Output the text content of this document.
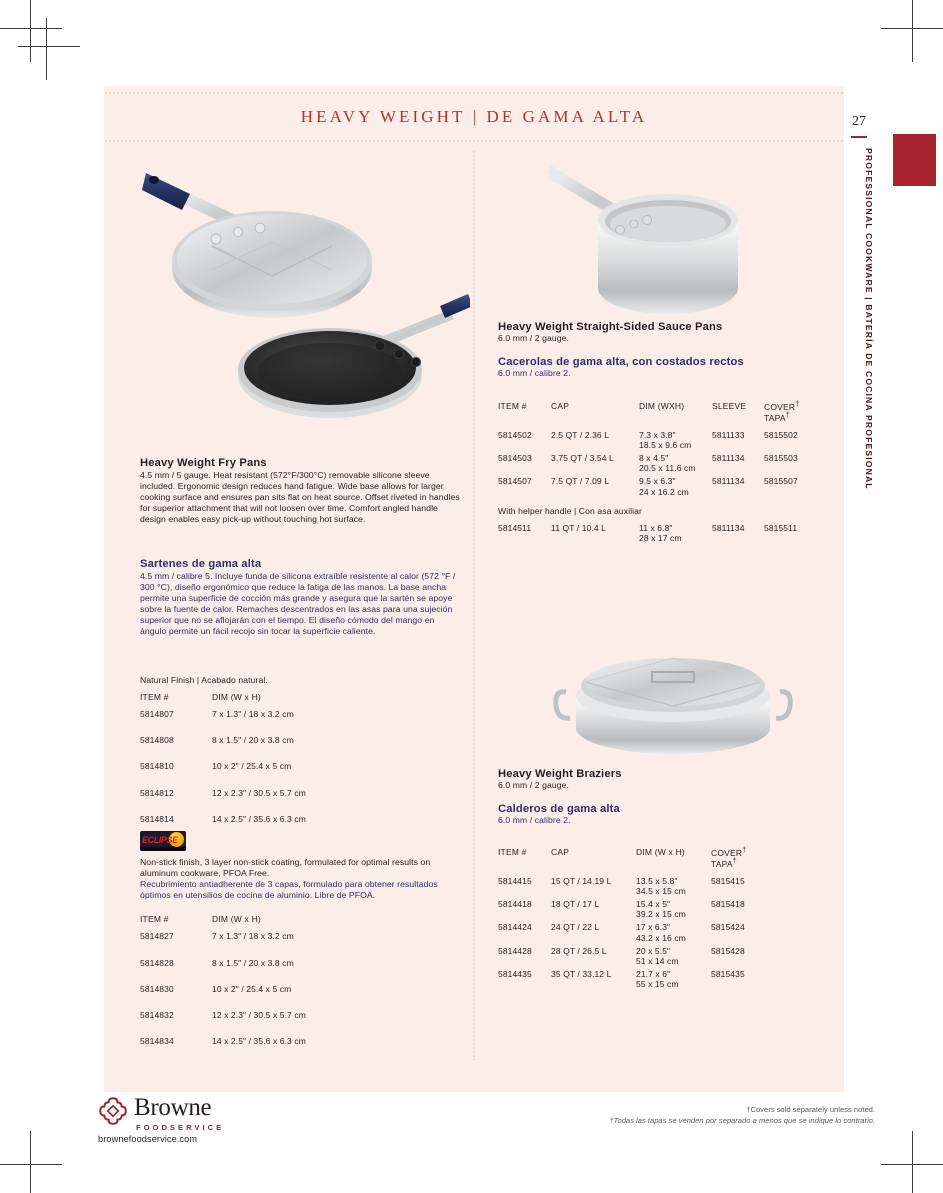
HEAVY WEIGHT | DE GAMA ALTA	27
PROFESSIONAL COOKWARE | BATERÍA DE COCINA PROFESIONAL
Heavy Weight Fry Pans
4.5 mm / 5 gauge. Heat resistant (572°F/300°C) removable silicone sleeve included. Ergonomic design reduces hand fatigue. Wide base allows for larger cooking surface and ensures pan sits flat on heat source. Offset riveted in handles for superior attachment that will not loosen over time. Comfort angled handle design enables easy pick-up without touching hot surface.
Sartenes de gama alta
4.5 mm / calibre 5. Incluye funda de silicona extraíble resistente al calor (572 °F / 300 °C), diseño ergonómico que reduce la fatiga de las manos. La base ancha permite una superficie de cocción más grande y asegura que la sartén se apoye sobre la fuente de calor. Remaches descentrados en las asas para una sujeción superior que no se aflojarán con el tiempo. El diseño cómodo del mango en ángulo permite un fácil recojo sin tocar la superficie caliente.
Natural Finish | Acabado natural.
ITEM #	DIM (W x H)
5814807	7 x 1.3" / 18 x 3.2 cm
5814808	8 x 1.5" / 20 x 3.8 cm
5814810	10 x 2" / 25.4 x 5 cm
5814812	12 x 2.3" / 30.5 x 5.7 cm
5814814	14 x 2.5" / 35.6 x 6.3 cm
ECLIPSE
Non-stick finish, 3 layer non-stick coating, formulated for optimal results on aluminum cookware, PFOA Free.
Recubrimiento antiadherente de 3 capas, formulado para obtener resultados óptimos en utensilios de cocina de aluminio. Libre de PFOA.
ITEM #	DIM (W x H)
5814827	7 x 1.3" / 18 x 3.2 cm
5814828	8 x 1.5" / 20 x 3.8 cm
5814830	10 x 2" / 25.4 x 5 cm
5814832	12 x 2.3" / 30.5 x 5.7 cm
5814834	14 x 2.5" / 35.6 x 6.3 cm
Heavy Weight Straight-Sided Sauce Pans
6.0 mm / 2 gauge.
Cacerolas de gama alta, con costados rectos
6.0 mm / calibre 2.
ITEM #	CAP	DIM (WXH)	SLEEVE	COVER†
TAPA†
5814502	2.5 QT / 2.36 L	7.3 x 3.8"
18.5 x 9.6 cm	5811133	5815502
5814503	3.75 QT / 3.54 L	8 x 4.5"
20.5 x 11.6 cm	5811134	5815503
5814507	7.5 QT / 7.09 L	9.5 x 6.3"
24 x 16.2 cm	5811134	5815507
With helper handle | Con asa auxiliar
5814511	11 QT / 10.4 L	11 x 6.8"
28 x 17 cm
	5811134	5815511
Heavy Weight Braziers
6.0 mm / 2 gauge.
Calderos de gama alta
6.0 mm / calibre 2.
ITEM #	CAP	DIM (W x H)	COVER†
TAPA†
5814415	15 QT / 14.19 L	13.5 x 5.8"
34.5 x 15 cm	5815415
5814418	18 QT / 17 L	15.4 x 5"
39.2 x 15 cm	5815418
5814424	24 QT / 22 L	17 x 6.3"
43.2 x 16 cm	5815424
5814428	28 QT / 26.5 L	20 x 5.5"
51 x 14 cm	5815428
5814435	35 QT / 33.12 L	21.7 x 6"
55 x 15 cm	5815435
Browne
FOODSERVICE
brownefoodservice.com
†Covers sold separately unless noted.
†Todas las tapas se venden por separado a menos que se indique lo contrario.
